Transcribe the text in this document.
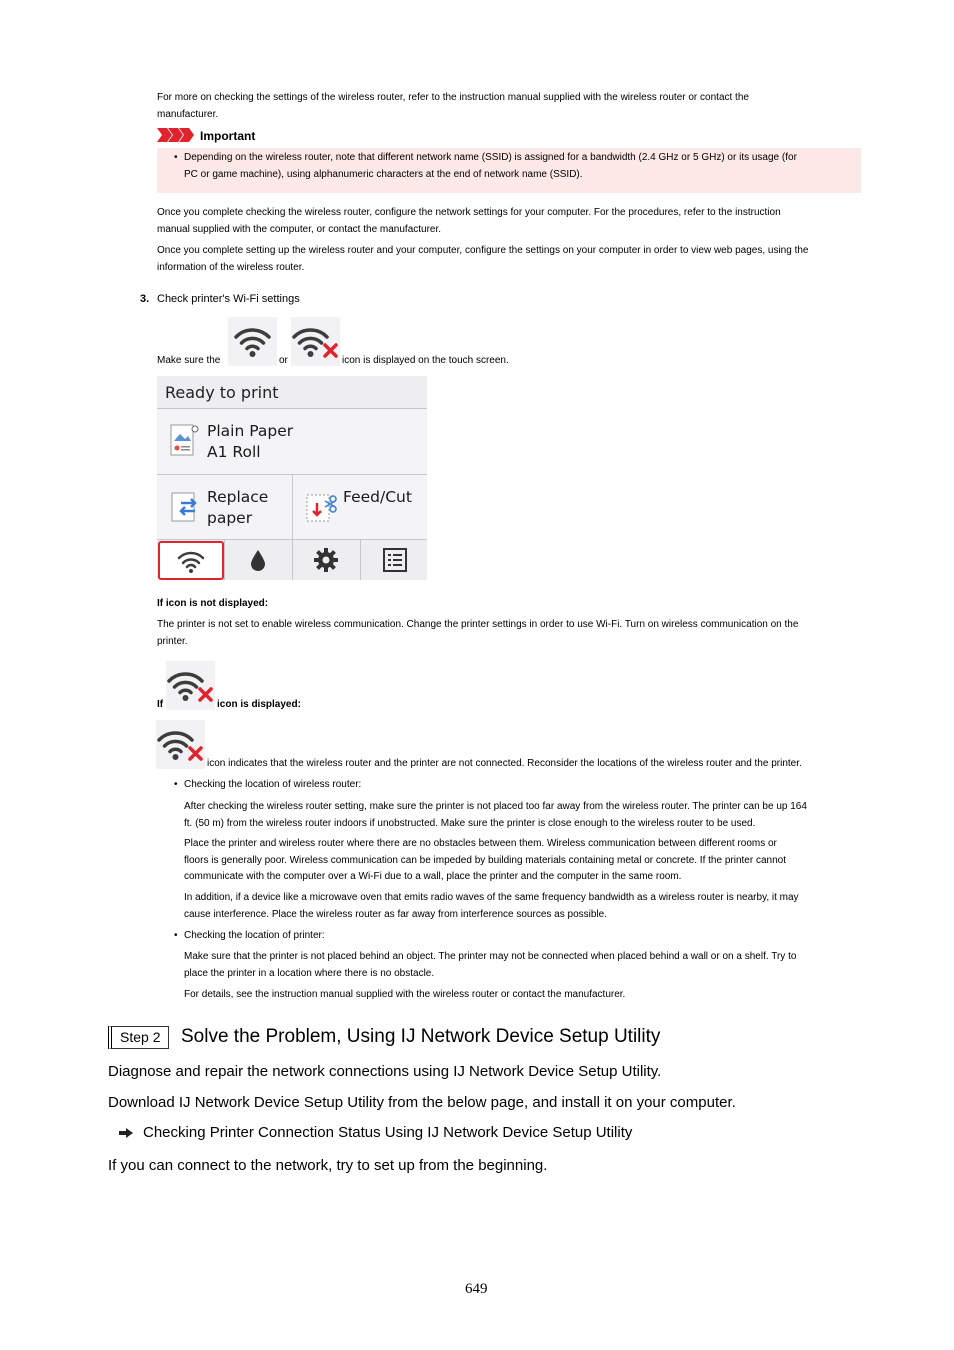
For more on checking the settings of the wireless router, refer to the instruction manual supplied with the wireless router or contact the
manufacturer.
Important
• Depending on the wireless router, note that different network name (SSID) is assigned for a bandwidth (2.4 GHz or 5 GHz) or its usage (for
PC or game machine), using alphanumeric characters at the end of network name (SSID).
Once you complete checking the wireless router, configure the network settings for your computer. For the procedures, refer to the instruction
manual supplied with the computer, or contact the manufacturer.
Once you complete setting up the wireless router and your computer, configure the settings on your computer in order to view web pages, using the
information of the wireless router.
3. Check printer's Wi-Fi settings
Make sure the	or	icon is displayed on the touch screen.
Ready to print
Plain Paper
A1 Roll
Replace
paper
Feed/Cut
If icon is not displayed:
The printer is not set to enable wireless communication. Change the printer settings in order to use Wi-Fi. Turn on wireless communication on the
printer.
If	icon is displayed:
icon indicates that the wireless router and the printer are not connected. Reconsider the locations of the wireless router and the printer.
• Checking the location of wireless router:
After checking the wireless router setting, make sure the printer is not placed too far away from the wireless router. The printer can be up 164
ft. (50 m) from the wireless router indoors if unobstructed. Make sure the printer is close enough to the wireless router to be used.
Place the printer and wireless router where there are no obstacles between them. Wireless communication between different rooms or
floors is generally poor. Wireless communication can be impeded by building materials containing metal or concrete. If the printer cannot
communicate with the computer over a Wi-Fi due to a wall, place the printer and the computer in the same room.
In addition, if a device like a microwave oven that emits radio waves of the same frequency bandwidth as a wireless router is nearby, it may
cause interference. Place the wireless router as far away from interference sources as possible.
• Checking the location of printer:
Make sure that the printer is not placed behind an object. The printer may not be connected when placed behind a wall or on a shelf. Try to
place the printer in a location where there is no obstacle.
For details, see the instruction manual supplied with the wireless router or contact the manufacturer.
Step 2	Solve the Problem, Using IJ Network Device Setup Utility
Diagnose and repair the network connections using IJ Network Device Setup Utility.
Download IJ Network Device Setup Utility from the below page, and install it on your computer.
Checking Printer Connection Status Using IJ Network Device Setup Utility
If you can connect to the network, try to set up from the beginning.
649
